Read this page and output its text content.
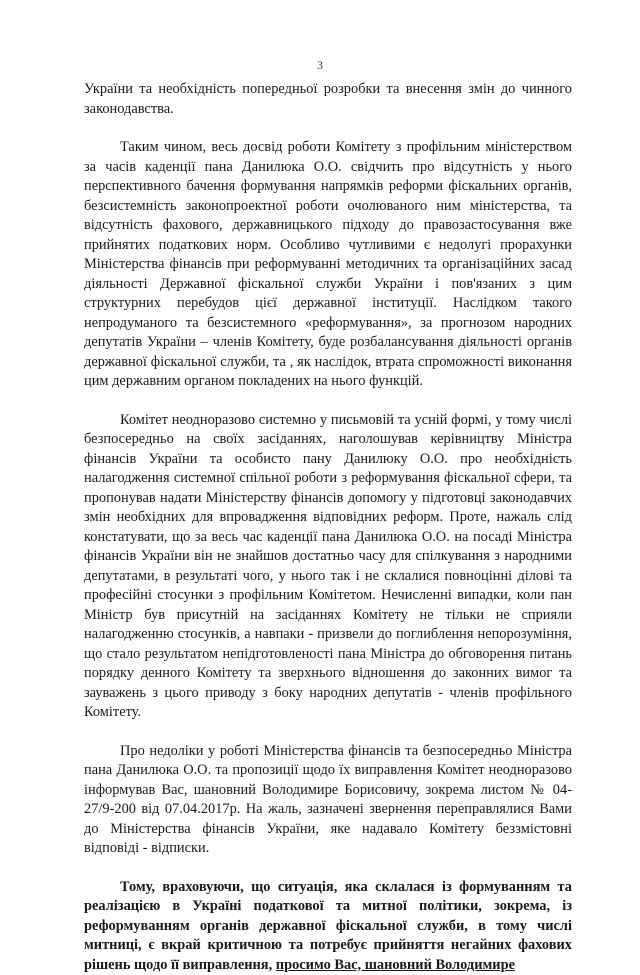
3

України та необхідність попередньої розробки та внесення змін до чинного законодавства.

Таким чином, весь досвід роботи Комітету з профільним міністерством за часів каденції пана Данилюка О.О. свідчить про відсутність у нього перспективного бачення формування напрямків реформи фіскальних органів, безсистемність законопроектної роботи очолюваного ним міністерства, та відсутність фахового, державницького підходу до правозастосування вже прийнятих податкових норм. Особливо чутливими є недолугі прорахунки Міністерства фінансів при реформуванні методичних та організаційних засад діяльності Державної фіскальної служби України і пов'язаних з цим структурних перебудов цієї державної інституції. Наслідком такого непродуманого та безсистемного «реформування», за прогнозом народних депутатів України – членів Комітету, буде розбалансування діяльності органів державної фіскальної служби, та , як наслідок, втрата спроможності виконання цим державним органом покладених на нього функцій.

Комітет неодноразово системно у письмовій та усній формі, у тому числі безпосередньо на своїх засіданнях, наголошував керівництву Міністра фінансів України та особисто пану Данилюку О.О. про необхідність налагодження системної спільної роботи з реформування фіскальної сфери, та пропонував надати Міністерству фінансів допомогу у підготовці законодавчих змін необхідних для впровадження відповідних реформ. Проте, нажаль слід констатувати, що за весь час каденції пана Данилюка О.О. на посаді Міністра фінансів України він не знайшов достатньо часу для спілкування з народними депутатами, в результаті чого, у нього так і не склалися повноцінні ділові та професійні стосунки з профільним Комітетом. Нечисленні випадки, коли пан Міністр був присутній на засіданнях Комітету не тільки не сприяли налагодженню стосунків, а навпаки - призвели до поглиблення непорозуміння, що стало результатом непідготовленості пана Міністра до обговорення питань порядку денного Комітету та зверхнього відношення до законних вимог та зауважень з цього приводу з боку народних депутатів - членів профільного Комітету.

Про недоліки у роботі Міністерства фінансів та безпосередньо Міністра пана Данилюка О.О. та пропозиції щодо їх виправлення Комітет неодноразово інформував Вас, шановний Володимире Борисовичу, зокрема листом № 04-27/9-200 від 07.04.2017р. На жаль, зазначені звернення переправлялися Вами до Міністерства фінансів України, яке надавало Комітету беззмістовні відповіді - відписки.

Тому, враховуючи, що ситуація, яка склалася із формуванням та реалізацією в Україні податкової та митної політики, зокрема, із реформуванням органів державної фіскальної служби, в тому числі митниці, є вкрай критичною та потребує прийняття негайних фахових рішень щодо її виправлення, просимо Вас, шановний Володимире
